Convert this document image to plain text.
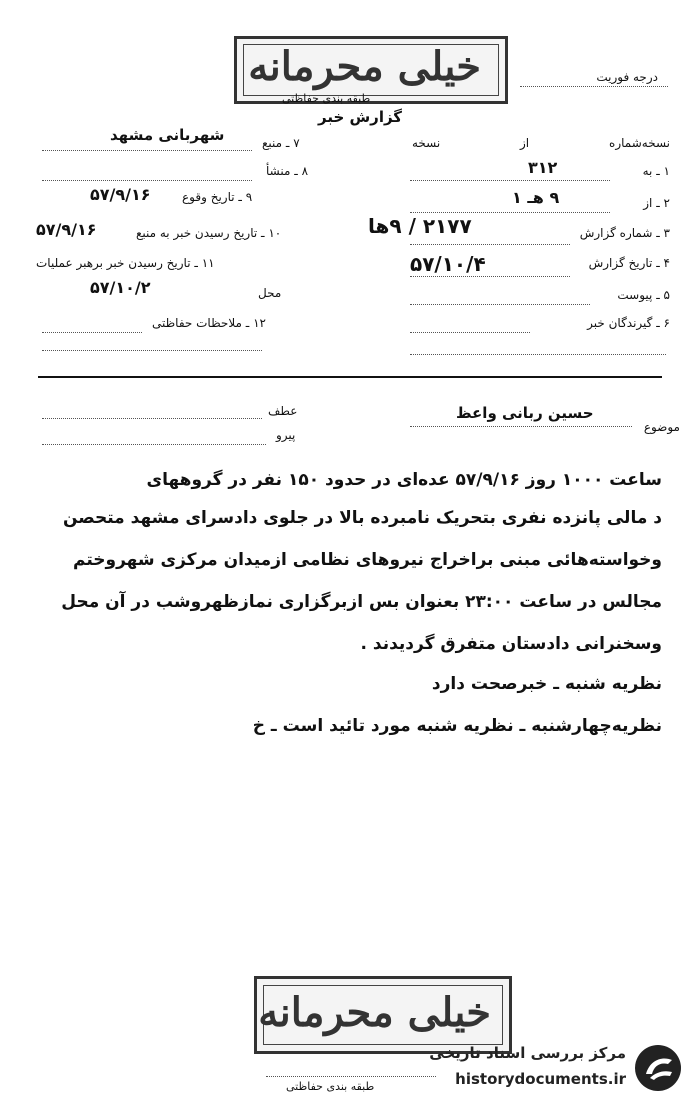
خیلی محرمانه
طبقه بندی حفاظتی
درجه فوریت
گزارش خبر
نسخه‌شماره
از
نسخه
۱ ـ به
۳۱۲
۲ ـ از
۹ هـ ۱
۳ ـ شماره گزارش
۲۱۷۷ / ۹ها
۴ ـ تاریخ گزارش
۵۷/۱۰/۴
۵ ـ پیوست
۶ ـ گیرندگان خبر
۷ ـ منبع
شهربانی مشهد
۸ ـ منشأ
۹ ـ تاریخ وقوع
۵۷/۹/۱۶
۱۰ ـ تاریخ رسیدن خبر به منبع
۵۷/۹/۱۶
۱۱ ـ تاریخ رسیدن خبر برهبر عملیات
محل
۵۷/۱۰/۲
۱۲ ـ ملاحظات حفاظتی
موضوع
حسین ربانی واعظ
عطف
پیرو
ساعت ۱۰۰۰ روز ۵۷/۹/۱۶ عده‌ای در حدود ۱۵۰ نفر در گروههای
د مالی پانزده نفری بتحریک نامبرده بالا در جلوی دادسرای مشهد متحصن
وخواسته‌هائی مبنی براخراج نیروهای نظامی ازمیدان مرکزی شهروختم
مجالس در ساعت ۲۳:۰۰ بعنوان بس ازبرگزاری نمازظهروشب در آن محل
وسخنرانی دادستان متفرق گردیدند .
نظریه شنبه ـ خبرصحت دارد
نظریه‌چهارشنبه ـ نظریه شنبه مورد تائید است ـ خ
خیلی محرمانه
طبقه بندی حفاظتی
مرکز بررسی اسناد تاریخی
historydocuments.ir
